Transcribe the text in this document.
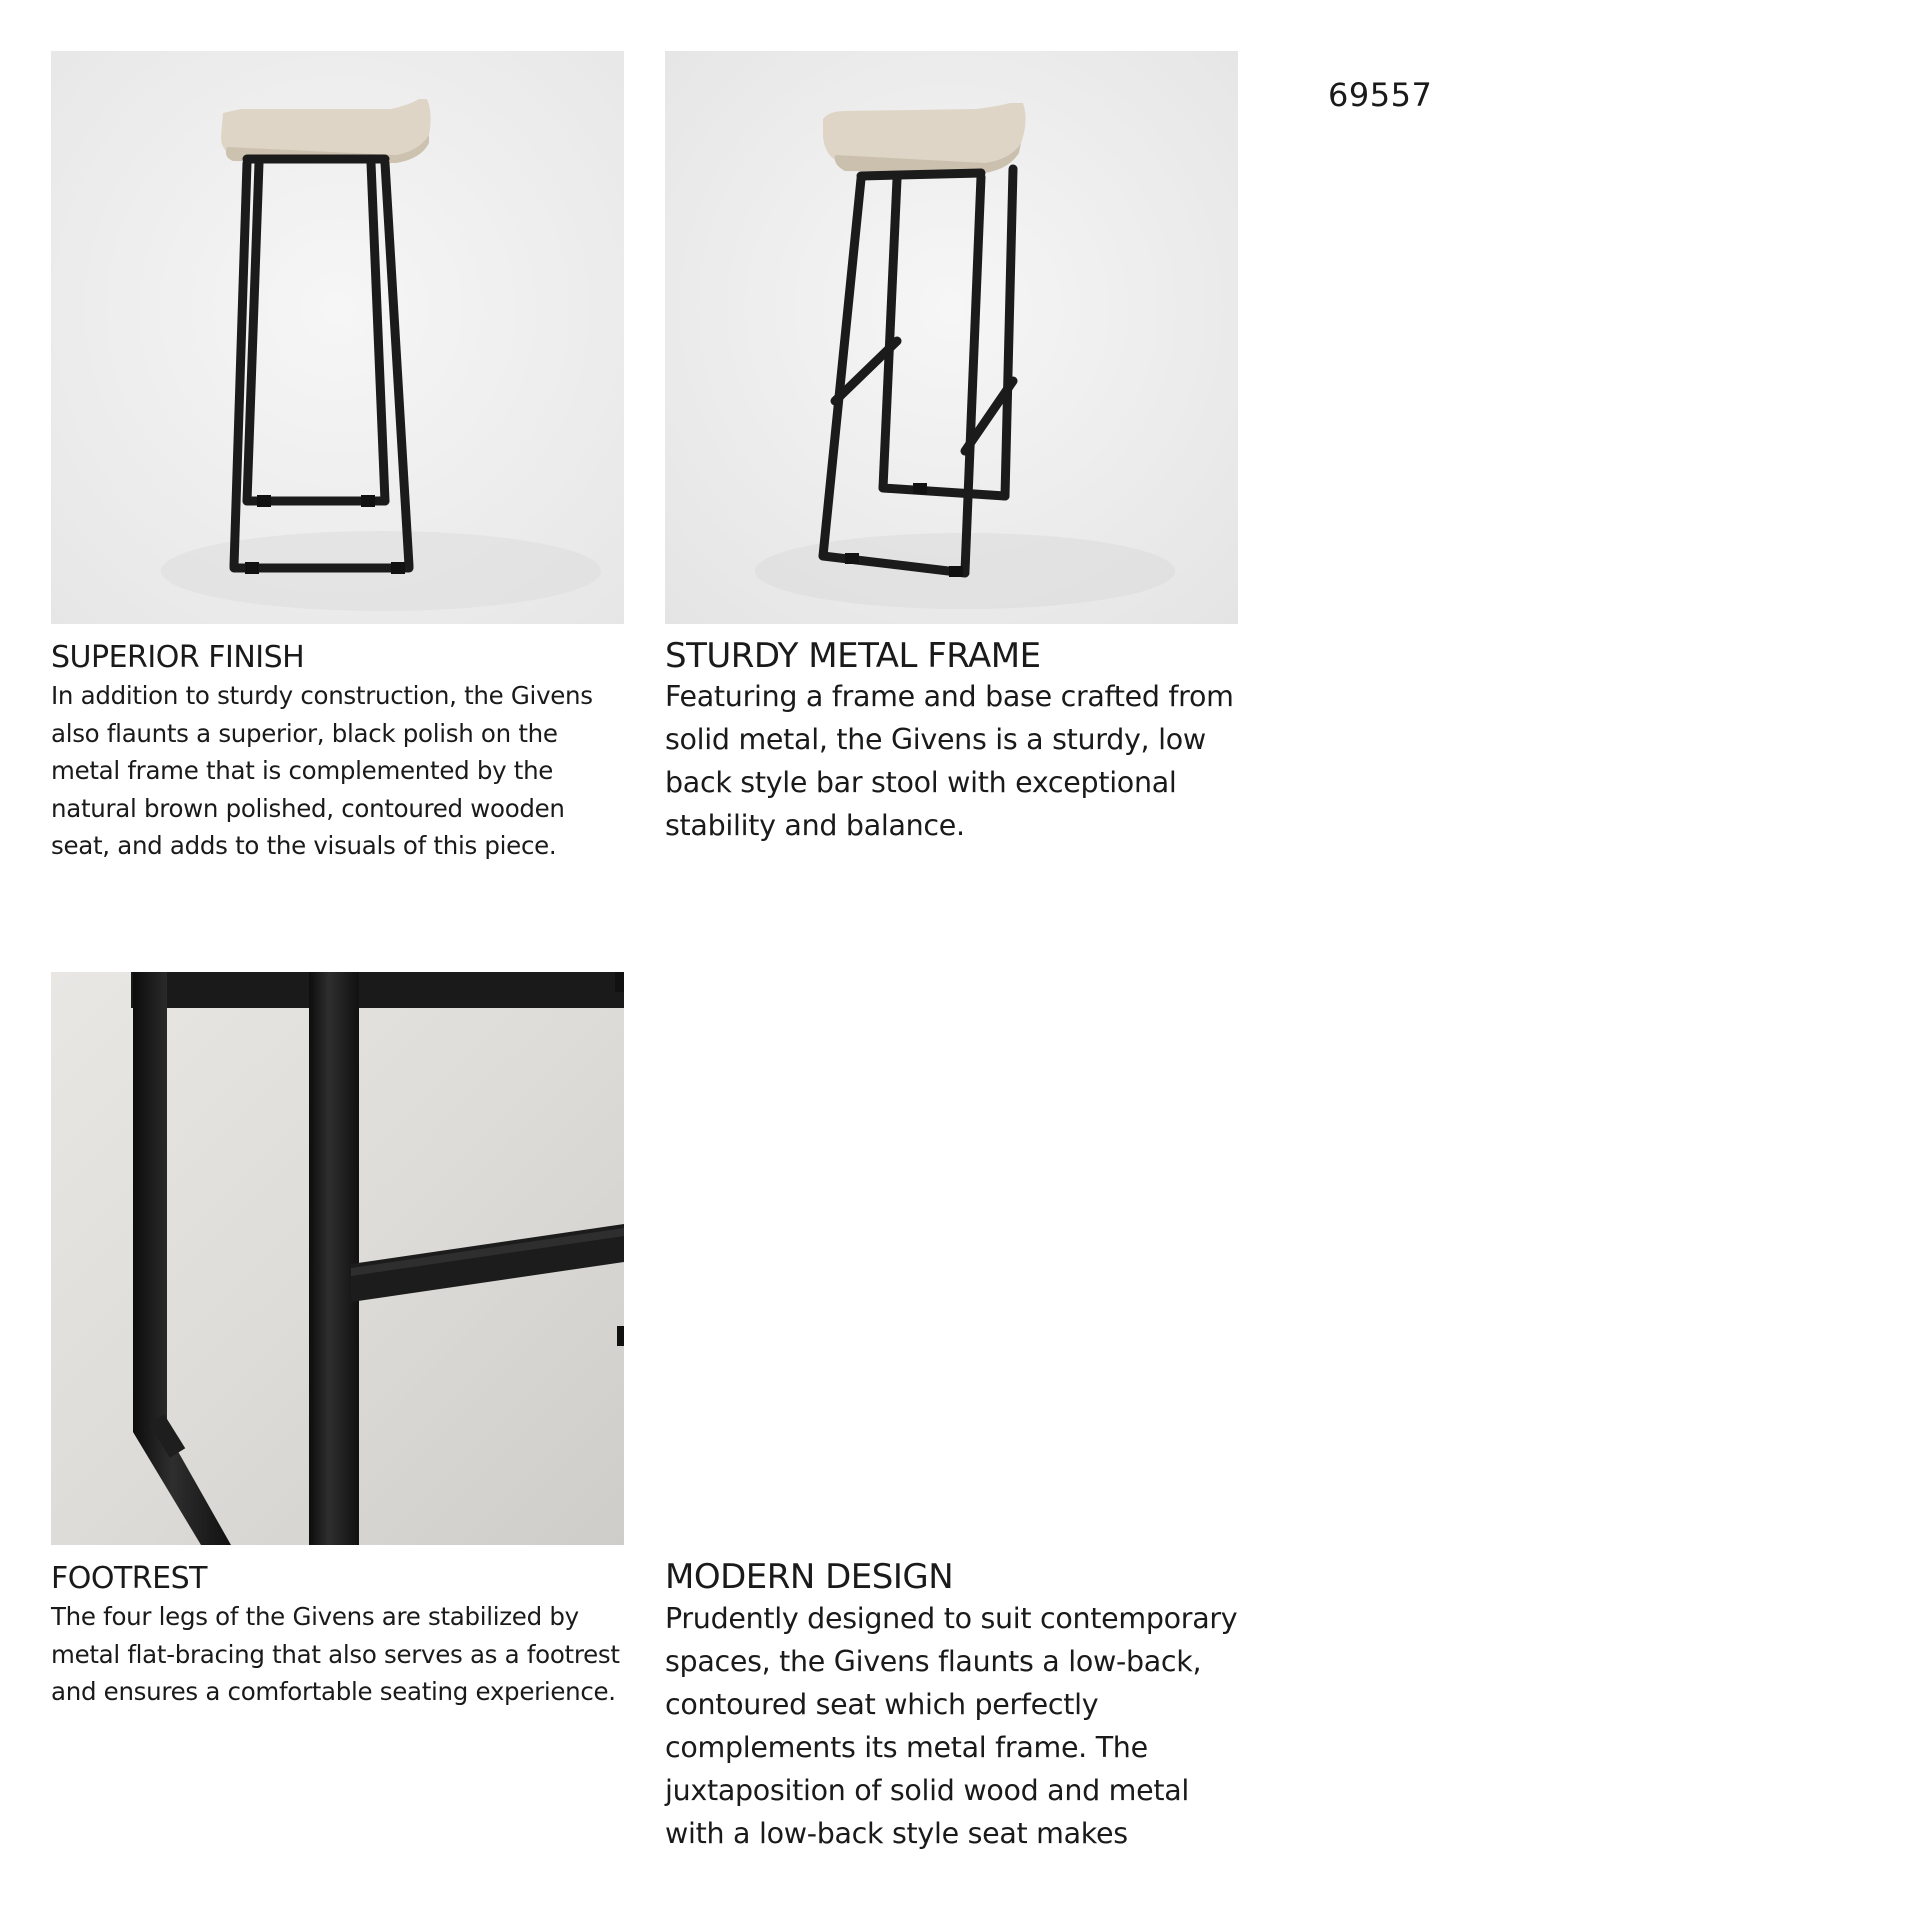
69557
SUPERIOR FINISH

In addition to sturdy construction, the Givens also flaunts a superior, black polish on the metal frame that is complemented by the natural brown polished, contoured wooden seat, and adds to the visuals of this piece.

STURDY METAL FRAME

Featuring a frame and base crafted from solid metal, the Givens is a sturdy, low back style bar stool with exceptional stability and balance.

FOOTREST

The four legs of the Givens are stabilized by metal flat-bracing that also serves as a footrest and ensures a comfortable seating experience.

MODERN DESIGN

Prudently designed to suit contemporary spaces, the Givens flaunts a low-back, contoured seat which perfectly complements its metal frame. The juxtaposition of solid wood and metal with a low-back style seat makes
